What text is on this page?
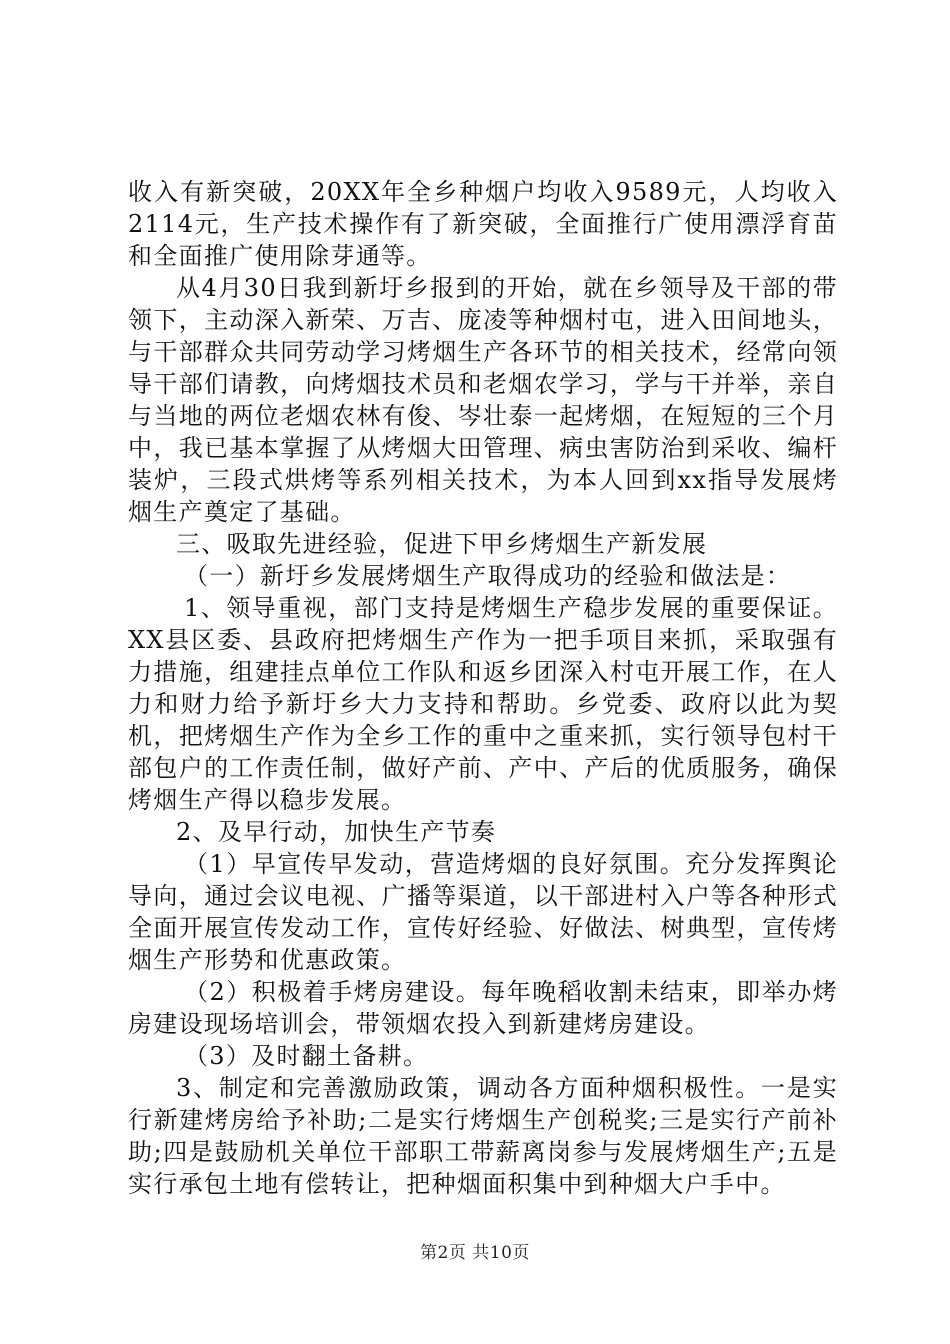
收入有新突破，20XX年全乡种烟户均收入9589元，人均收入2114元，生产技术操作有了新突破，全面推行广使用漂浮育苗和全面推广使用除芽通等。

从4月30日我到新圩乡报到的开始，就在乡领导及干部的带领下，主动深入新荣、万吉、庞凌等种烟村屯，进入田间地头，与干部群众共同劳动学习烤烟生产各环节的相关技术，经常向领导干部们请教，向烤烟技术员和老烟农学习，学与干并举，亲自与当地的两位老烟农林有俊、岑壮泰一起烤烟，在短短的三个月中，我已基本掌握了从烤烟大田管理、病虫害防治到采收、编杆装炉，三段式烘烤等系列相关技术，为本人回到xx指导发展烤烟生产奠定了基础。

三、吸取先进经验，促进下甲乡烤烟生产新发展

（一）新圩乡发展烤烟生产取得成功的经验和做法是：

1、领导重视，部门支持是烤烟生产稳步发展的重要保证。XX县区委、县政府把烤烟生产作为一把手项目来抓，采取强有力措施，组建挂点单位工作队和返乡团深入村屯开展工作，在人力和财力给予新圩乡大力支持和帮助。乡党委、政府以此为契机，把烤烟生产作为全乡工作的重中之重来抓，实行领导包村干部包户的工作责任制，做好产前、产中、产后的优质服务，确保烤烟生产得以稳步发展。

2、及早行动，加快生产节奏

（1）早宣传早发动，营造烤烟的良好氛围。充分发挥舆论导向，通过会议电视、广播等渠道，以干部进村入户等各种形式全面开展宣传发动工作，宣传好经验、好做法、树典型，宣传烤烟生产形势和优惠政策。

（2）积极着手烤房建设。每年晚稻收割未结束，即举办烤房建设现场培训会，带领烟农投入到新建烤房建设。

（3）及时翻土备耕。

3、制定和完善激励政策，调动各方面种烟积极性。一是实行新建烤房给予补助;二是实行烤烟生产创税奖;三是实行产前补助;四是鼓励机关单位干部职工带薪离岗参与发展烤烟生产;五是实行承包土地有偿转让，把种烟面积集中到种烟大户手中。

第2页 共10页
